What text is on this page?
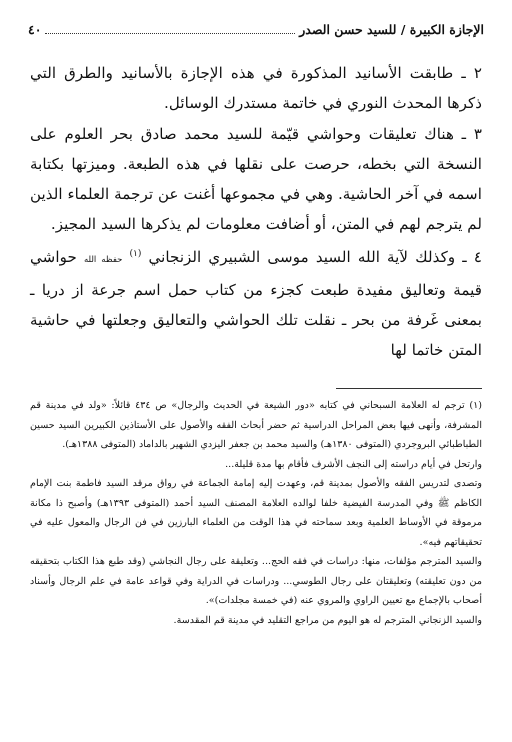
٤٠	الإجازة الكبيرة / للسيد حسن الصدر

٢ ـ طابقت الأسانيد المذكورة في هذه الإجازة بالأسانيد والطرق التي ذكرها المحدث النوري في خاتمة مستدرك الوسائل.

٣ ـ هناك تعليقات وحواشي قيّمة للسيد محمد صادق بحر العلوم على النسخة التي بخطه، حرصت على نقلها في هذه الطبعة. وميزتها بكتابة اسمه في آخر الحاشية. وهي في مجموعها أغنت عن ترجمة العلماء الذين لم يترجم لهم في المتن، أو أضافت معلومات لم يذكرها السيد المجيز.

٤ ـ وكذلك لآية الله السيد موسى الشبيري الزنجاني $^{(١)}$ حفظه الله حواشي قيمة وتعاليق مفيدة طبعت كجزء من كتاب حمل اسم جرعة از دريا ـ بمعنى غَرفة من بحر ـ نقلت تلك الحواشي والتعاليق وجعلتها في حاشية المتن خاتما لها

(١) ترجم له العلامة السبحاني في كتابه «دور الشيعة في الحديث والرجال» ص ٤٣٤ قائلاً: «ولد في مدينة قم المشرفة، وأنهى فيها بعض المراحل الدراسية ثم حضر أبحاث الفقه والأصول على الأستاذين الكبيرين السيد حسين الطباطبائي البروجردي (المتوفى ١٣٨٠هـ) والسيد محمد بن جعفر اليزدي الشهير بالداماد (المتوفى ١٣٨٨هـ).

وارتحل في أيام دراسته إلى النجف الأشرف فأقام بها مدة قليلة...

وتصدى لتدريس الفقه والأصول بمدينة قم، وعهدت إليه إمامة الجماعة في رواق مرقد السيد فاطمة بنت الإمام الكاظم ﷺ وفي المدرسة الفيضية خلفا لوالده العلامة المصنف السيد أحمد (المتوفى ١٣٩٣هـ) وأصبح ذا مكانة مرموقة في الأوساط العلمية وبعد سماحته في هذا الوقت من العلماء البارزين في فن الرجال والمعول عليه في تحقيقاتهم فيه».

والسيد المترجم مؤلفات، منها: دراسات في فقه الحج... وتعليقة على رجال النجاشي (وقد طبع هذا الكتاب بتحقيقه من دون تعليقته) وتعليقتان على رجال الطوسي... ودراسات في الدراية وفي قواعد عامة في علم الرجال وأسناد أصحاب بالإجماع مع تعيين الراوي والمروي عنه (في خمسة مجلدات)».

والسيد الزنجاني المترجم له هو اليوم من مراجع التقليد في مدينة قم المقدسة.
